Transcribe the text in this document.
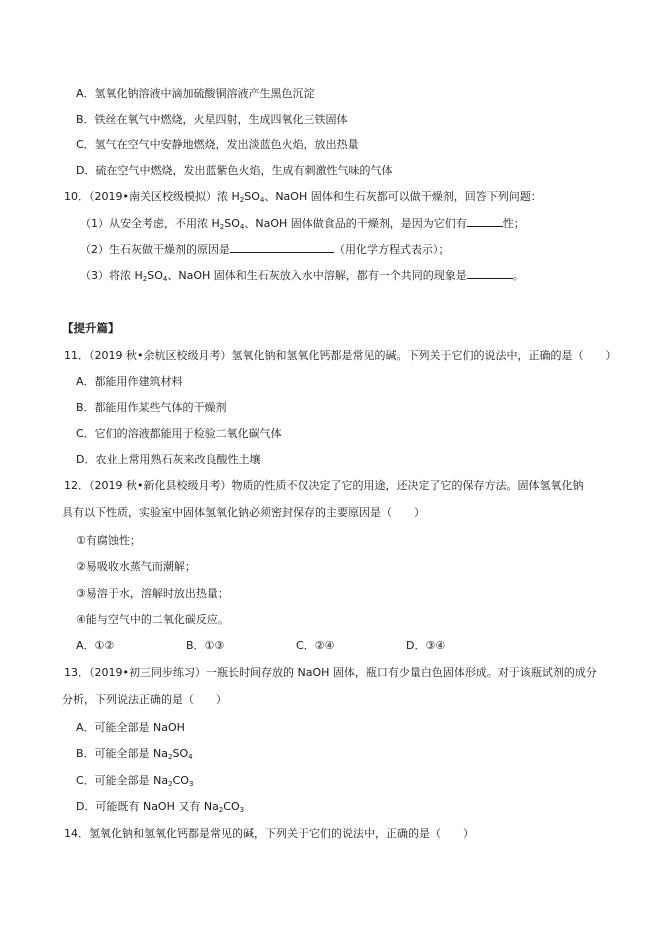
A．氢氧化钠溶液中滴加硫酸铜溶液产生黑色沉淀
B．铁丝在氧气中燃烧，火星四射，生成四氧化三铁固体
C．氢气在空气中安静地燃烧，发出淡蓝色火焰，放出热量
D．硫在空气中燃烧，发出蓝紫色火焰，生成有刺激性气味的气体
10．（2019•南关区校级模拟）浓 $H_2SO_4$、NaOH 固体和生石灰都可以做干燥剂，回答下列问题：
（1）从安全考虑，不用浓 $H_2SO_4$、NaOH 固体做食品的干燥剂，是因为它们有	性；
（2）生石灰做干燥剂的原因是	（用化学方程式表示）；
（3）将浓 $H_2SO_4$、NaOH 固体和生石灰放入水中溶解，都有一个共同的现象是	。
【提升篇】
11．（2019 秋•余杭区校级月考）氢氧化钠和氢氧化钙都是常见的碱。下列关于它们的说法中，正确的是（　　）
A．都能用作建筑材料
B．都能用作某些气体的干燥剂
C．它们的溶液都能用于检验二氧化碳气体
D．农业上常用熟石灰来改良酸性土壤
12．（2019 秋•新化县校级月考）物质的性质不仅决定了它的用途，还决定了它的保存方法。固体氢氧化钠
具有以下性质，实验室中固体氢氧化钠必须密封保存的主要原因是（　　）
①有腐蚀性；
②易吸收水蒸气而潮解；
③易溶于水，溶解时放出热量；
④能与空气中的二氧化碳反应。
A．①②	B．①③	C．②④	D．③④
13．（2019•初三同步练习）一瓶长时间存放的 NaOH 固体，瓶口有少量白色固体形成。对于该瓶试剂的成分
分析，下列说法正确的是（　　）
A．可能全部是 NaOH
B．可能全部是 $Na_2SO_4$
C．可能全部是 $Na_2CO_3$
D．可能既有 NaOH 又有 $Na_2CO_3$
14．氢氧化钠和氢氧化钙都是常见的碱，下列关于它们的说法中，正确的是（　　）
